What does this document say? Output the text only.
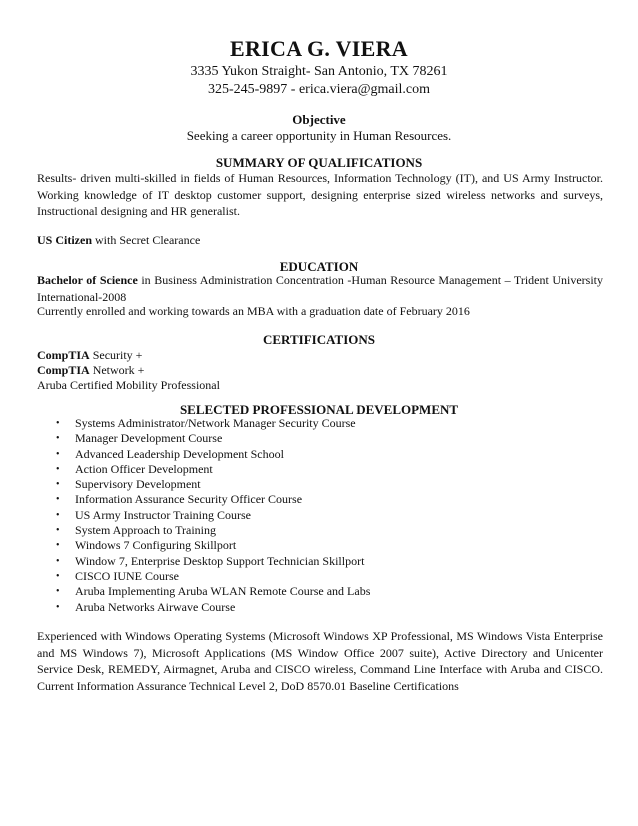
ERICA G. VIERA
3335 Yukon Straight- San Antonio, TX 78261
325-245-9897 - erica.viera@gmail.com
Objective
Seeking a career opportunity in Human Resources.
SUMMARY OF QUALIFICATIONS
Results- driven multi-skilled in fields of Human Resources, Information Technology (IT), and US Army Instructor. Working knowledge of IT desktop customer support, designing enterprise sized wireless networks and surveys, Instructional designing and HR generalist.
US Citizen with Secret Clearance
EDUCATION
Bachelor of Science in Business Administration Concentration -Human Resource Management – Trident University International-2008
Currently enrolled and working towards an MBA with a graduation date of February 2016
CERTIFICATIONS
CompTIA Security +
CompTIA Network +
Aruba Certified Mobility Professional
SELECTED PROFESSIONAL DEVELOPMENT
• Systems Administrator/Network Manager Security Course
• Manager Development Course
• Advanced Leadership Development School
• Action Officer Development
• Supervisory Development
• Information Assurance Security Officer Course
• US Army Instructor Training Course
• System Approach to Training
• Windows 7 Configuring Skillport
• Window 7, Enterprise Desktop Support Technician Skillport
• CISCO IUNE Course
• Aruba Implementing Aruba WLAN Remote Course and Labs
• Aruba Networks Airwave Course
Experienced with Windows Operating Systems (Microsoft Windows XP Professional, MS Windows Vista Enterprise and MS Windows 7), Microsoft Applications (MS Window Office 2007 suite), Active Directory and Unicenter Service Desk, REMEDY, Airmagnet, Aruba and CISCO wireless, Command Line Interface with Aruba and CISCO. Current Information Assurance Technical Level 2, DoD 8570.01 Baseline Certifications
